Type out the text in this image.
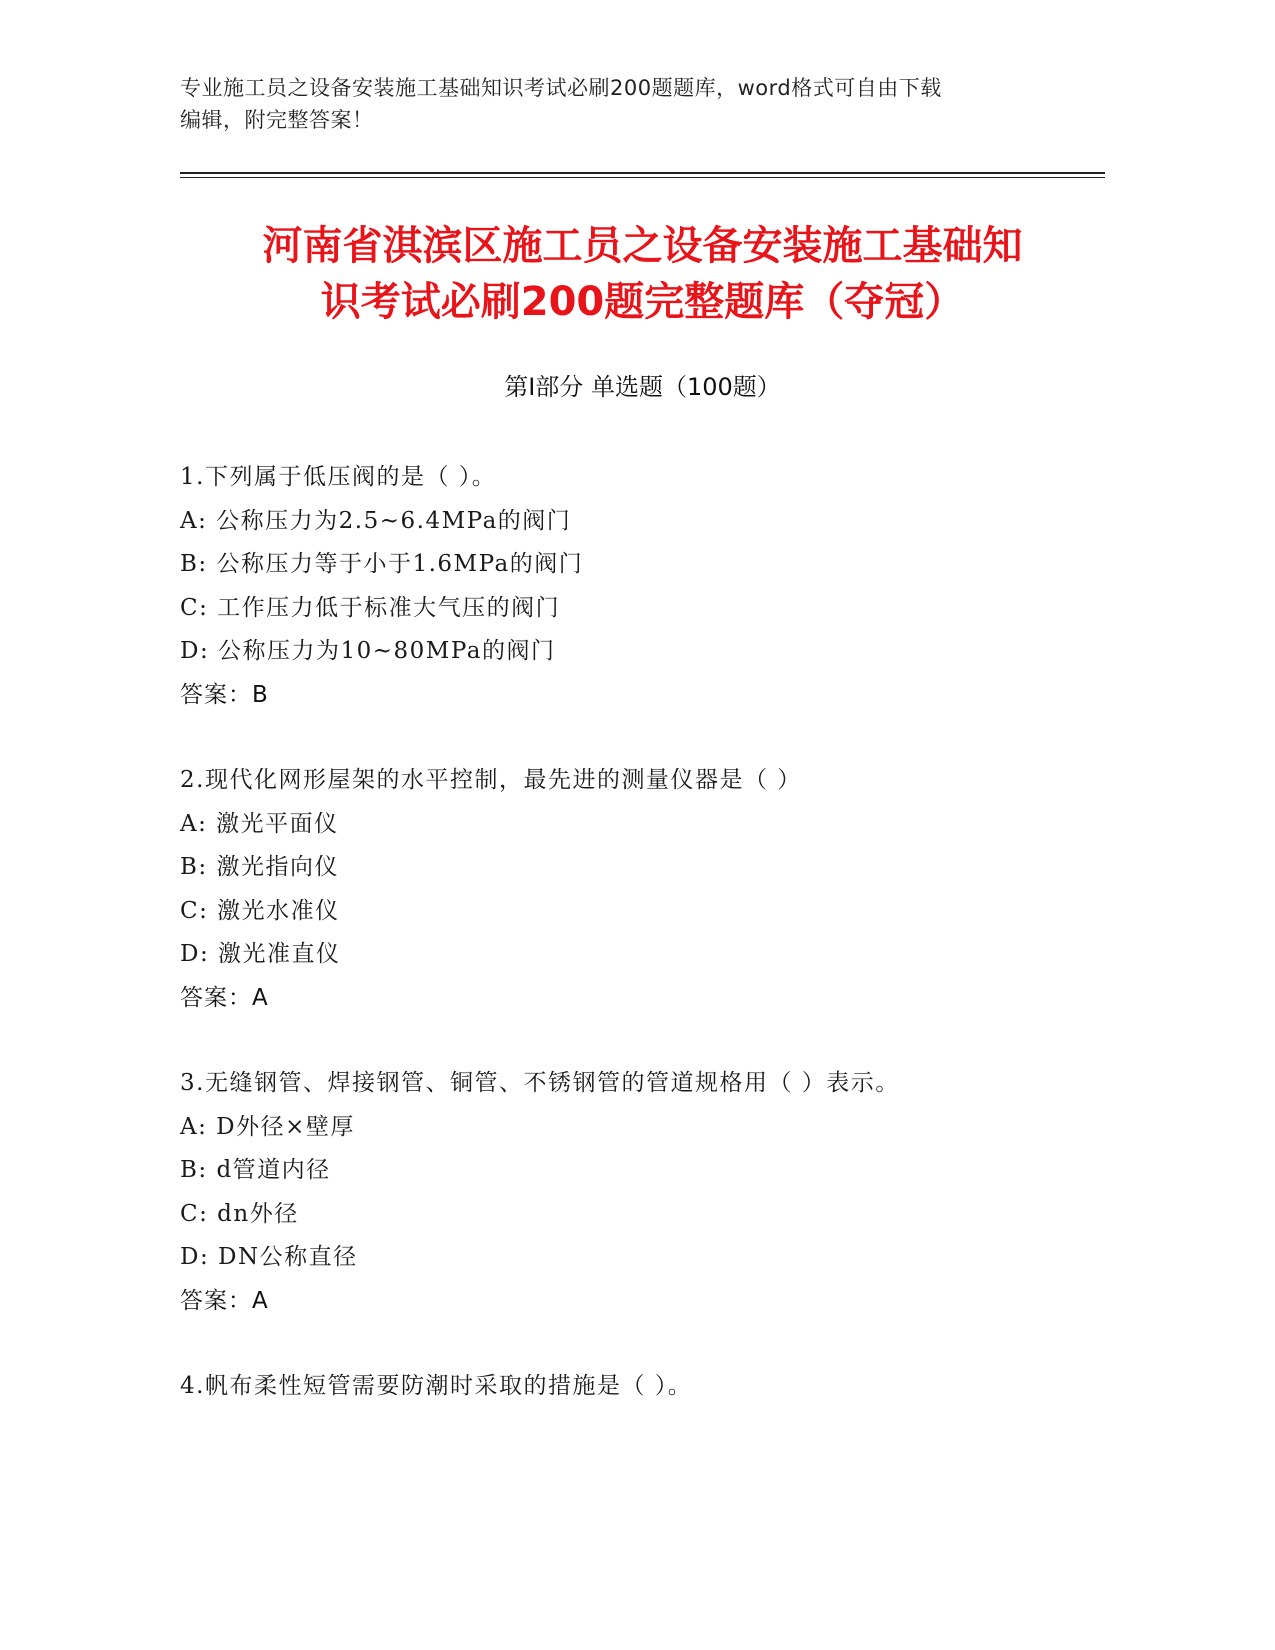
专业施工员之设备安装施工基础知识考试必刷200题题库，word格式可自由下载
编辑，附完整答案！
河南省淇滨区施工员之设备安装施工基础知
识考试必刷200题完整题库（夺冠）
第Ⅰ部分 单选题（100题）
1.下列属于低压阀的是（ ）。
A: 公称压力为2.5~6.4MPa的阀门
B: 公称压力等于小于1.6MPa的阀门
C: 工作压力低于标准大气压的阀门
D: 公称压力为10~80MPa的阀门
答案：B
2.现代化网形屋架的水平控制，最先进的测量仪器是（ ）
A: 激光平面仪
B: 激光指向仪
C: 激光水准仪
D: 激光准直仪
答案：A
3.无缝钢管、焊接钢管、铜管、不锈钢管的管道规格用（ ）表示。
A: D外径×壁厚
B: d管道内径
C: dn外径
D: DN公称直径
答案：A
4.帆布柔性短管需要防潮时采取的措施是（ ）。
